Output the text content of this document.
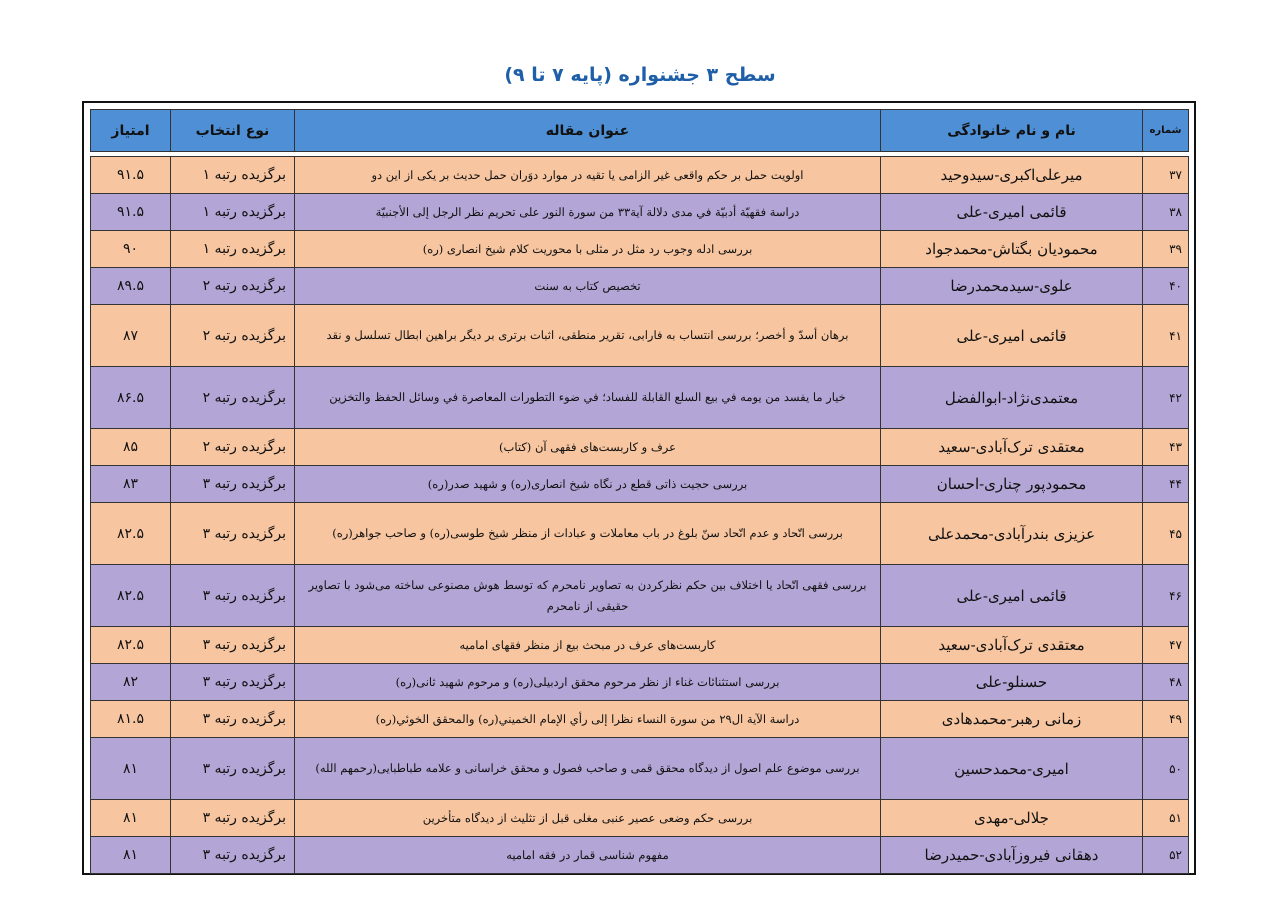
سطح ۳ جشنواره (پایه ۷ تا ۹)
شماره	نام و نام خانوادگی	عنوان مقاله	نوع انتخاب	امتیاز

۳۷	میرعلی‌اکبری-سیدوحید	اولویت حمل بر حکم واقعی غیر الزامی یا تقیه در موارد دوَران حمل حدیث بر یکی از این دو	برگزیده رتبه ۱	۹۱.۵
۳۸	قائمی امیری-علی	دراسة فقهيّة أدبيّة في مدى دلالة آية۳۳ من سورة النور على تحريم نظر الرجل إلى الأجنبيّة	برگزیده رتبه ۱	۹۱.۵
۳۹	محمودیان بگتاش-محمدجواد	بررسی ادله وجوب رد مثل در مثلی با محوریت کلام شیخ انصاری (ره)	برگزیده رتبه ۱	۹۰
۴۰	علوی-سیدمحمدرضا	تخصیص کتاب به سنت	برگزیده رتبه ۲	۸۹.۵
۴۱	قائمی امیری-علی	برهان أسدّ و أخصر؛ بررسی انتساب به فارابی، تقریر منطقی، اثبات برتری بر دیگر براهین ابطال تسلسل و نقد	برگزیده رتبه ۲	۸۷
۴۲	معتمدی‌نژاد-ابوالفضل	خيار ما يفسد من يومه في بيع السلع القابلة للفساد؛ في ضوء التطورات المعاصرة في وسائل الحفظ والتخزين	برگزیده رتبه ۲	۸۶.۵
۴۳	معتقدی ترک‌آبادی-سعید	عرف و کاربست‌های فقهی آن (کتاب)	برگزیده رتبه ۲	۸۵
۴۴	محمودپور چناری-احسان	بررسی حجیت ذاتی قطع در نگاه شیخ انصاری(ره) و شهید صدر(ره)	برگزیده رتبه ۳	۸۳
۴۵	عزیزی بندرآبادی-محمدعلی	بررسی اتّحاد و عدم اتّحاد سنّ بلوغ در باب معاملات و عبادات از منظر شیخ طوسی(ره) و صاحب جواهر(ره)	برگزیده رتبه ۳	۸۲.۵
۴۶	قائمی امیری-علی	بررسی فقهی اتّحاد یا اختلاف بین حکم نظرکردن به تصاویر نامحرم که توسط هوش مصنوعی ساخته می‌شود با تصاویر حقیقی از نامحرم	برگزیده رتبه ۳	۸۲.۵
۴۷	معتقدی ترک‌آبادی-سعید	کاربست‌های عرف در مبحث بیع از منظر فقهای امامیه	برگزیده رتبه ۳	۸۲.۵
۴۸	حسنلو-علی	بررسی استثنائات غناء از نظر مرحوم محقق اردبیلی(ره) و مرحوم شهید ثانی(ره)	برگزیده رتبه ۳	۸۲
۴۹	زمانی رهبر-محمدهادی	دراسة الآية ال۲۹ من سورة النساء نظرا إلى رأي الإمام الخميني(ره) والمحقق الخوئي(ره)	برگزیده رتبه ۳	۸۱.۵
۵۰	امیری-محمدحسین	بررسی موضوع علم اصول از دیدگاه محقق قمی و صاحب فصول و محقق خراسانی و علامه طباطبایی(رحمهم الله)	برگزیده رتبه ۳	۸۱
۵۱	جلالی-مهدی	بررسی حکم وضعی عصیر عنبی مغلی قبل از تثلیث از دیدگاه متأخرین	برگزیده رتبه ۳	۸۱
۵۲	دهقانی فیروزآبادی-حمیدرضا	مفهوم شناسی قمار در فقه امامیه	برگزیده رتبه ۳	۸۱
